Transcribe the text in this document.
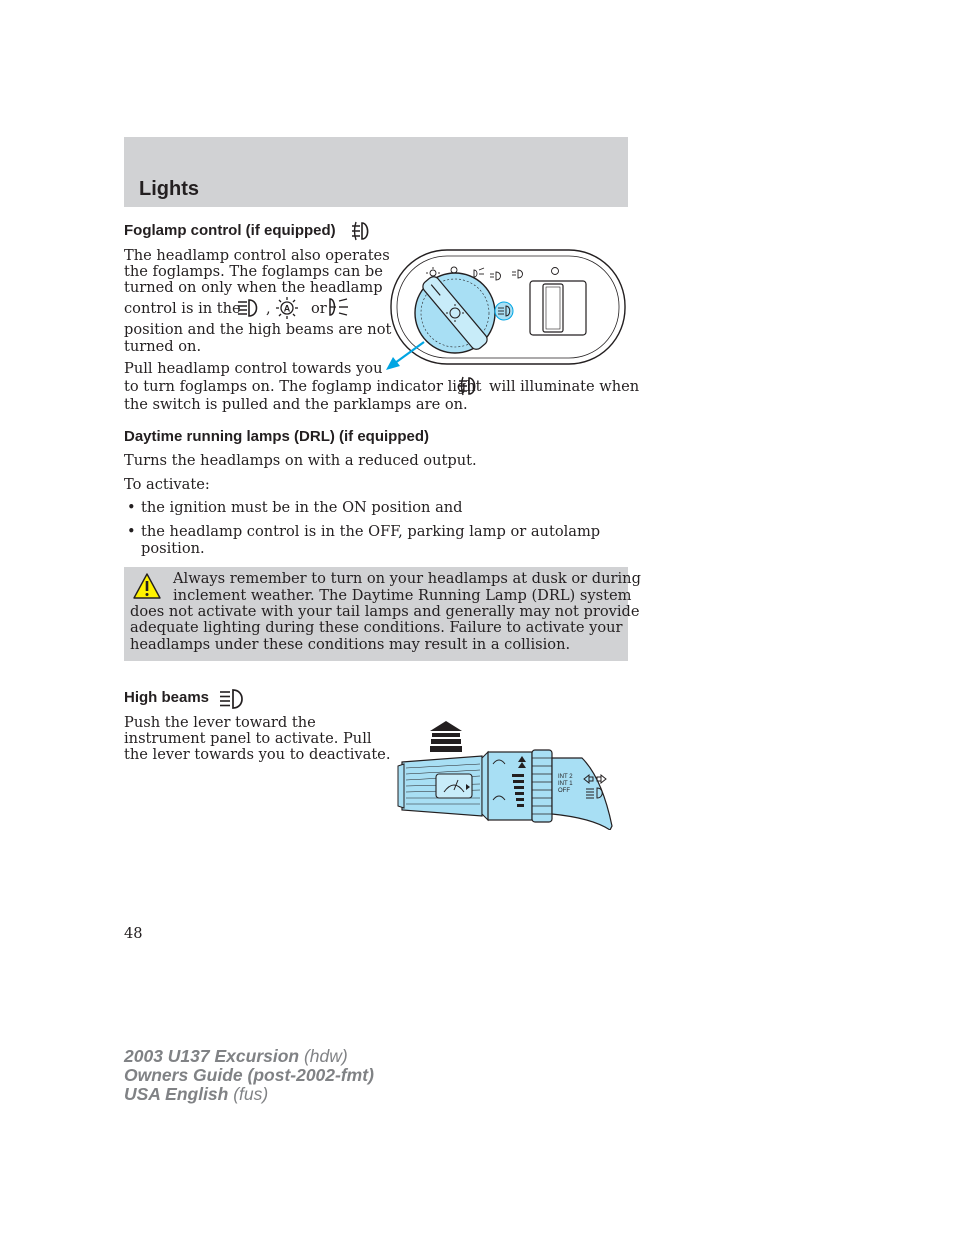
Lights
Foglamp control (if equipped)
The headlamp control also operates
the foglamps. The foglamps can be
turned on only when the headlamp
control is in the ,	or
position and the high beams are not
turned on.
Pull headlamp control towards you
to turn foglamps on. The foglamp indicator light will illuminate when
the switch is pulled and the parklamps are on.
A
Daytime running lamps (DRL) (if equipped)
Turns the headlamps on with a reduced output.
To activate:
• the ignition must be in the ON position and
• the headlamp control is in the OFF, parking lamp or autolamp
position.
Always remember to turn on your headlamps at dusk or during
inclement weather. The Daytime Running Lamp (DRL) system
does not activate with your tail lamps and generally may not provide
adequate lighting during these conditions. Failure to activate your
headlamps under these conditions may result in a collision.
High beams
Push the lever toward the
instrument panel to activate. Pull
the lever towards you to deactivate.
INT 2
INT 1
OFF
48
2003 U137 Excursion (hdw)
Owners Guide (post-2002-fmt)
USA English (fus)
